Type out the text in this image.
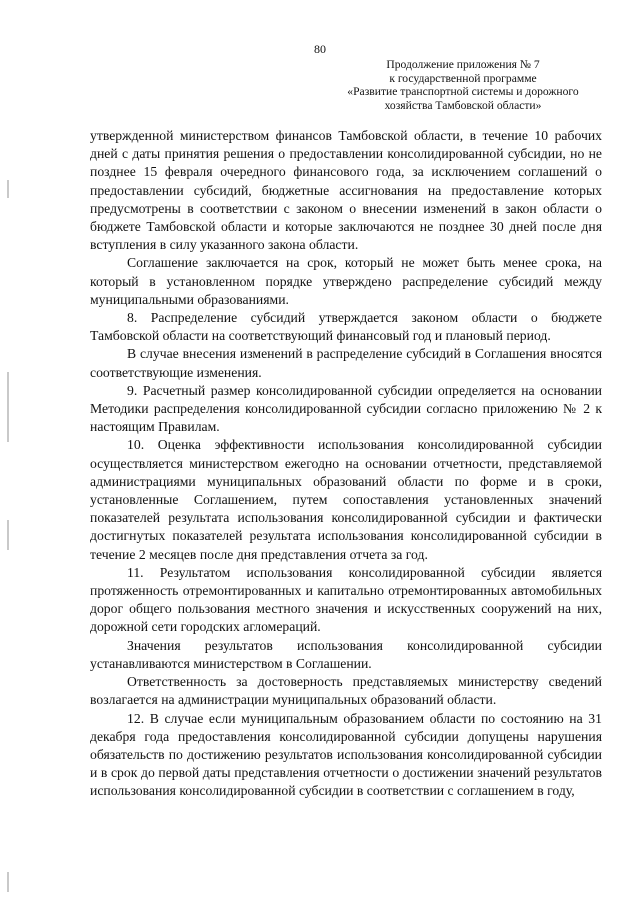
80
Продолжение приложения № 7
к государственной программе
«Развитие транспортной системы и дорожного
хозяйства Тамбовской области»

утвержденной министерством финансов Тамбовской области, в течение 10 рабочих дней с даты принятия решения о предоставлении консолидированной субсидии, но не позднее 15 февраля очередного финансового года, за исключением соглашений о предоставлении субсидий, бюджетные ассигнования на предоставление которых предусмотрены в соответствии с законом о внесении изменений в закон области о бюджете Тамбовской области и которые заключаются не позднее 30 дней после дня вступления в силу указанного закона области.

Соглашение заключается на срок, который не может быть менее срока, на который в установленном порядке утверждено распределение субсидий между муниципальными образованиями.

8. Распределение субсидий утверждается законом области о бюджете Тамбовской области на соответствующий финансовый год и плановый период.

В случае внесения изменений в распределение субсидий в Соглашения вносятся соответствующие изменения.

9. Расчетный размер консолидированной субсидии определяется на основании Методики распределения консолидированной субсидии согласно приложению № 2 к настоящим Правилам.

10. Оценка эффективности использования консолидированной субсидии осуществляется министерством ежегодно на основании отчетности, представляемой администрациями муниципальных образований области по форме и в сроки, установленные Соглашением, путем сопоставления установленных значений показателей результата использования консолидированной субсидии и фактически достигнутых показателей результата использования консолидированной субсидии в течение 2 месяцев после дня представления отчета за год.

11. Результатом использования консолидированной субсидии является протяженность отремонтированных и капитально отремонтированных автомобильных дорог общего пользования местного значения и искусственных сооружений на них, дорожной сети городских агломераций.

Значения результатов использования консолидированной субсидии устанавливаются министерством в Соглашении.

Ответственность за достоверность представляемых министерству сведений возлагается на администрации муниципальных образований области.

12. В случае если муниципальным образованием области по состоянию на 31 декабря года предоставления консолидированной субсидии допущены нарушения обязательств по достижению результатов использования консолидированной субсидии и в срок до первой даты представления отчетности о достижении значений результатов использования консолидированной субсидии в соответствии с соглашением в году,
